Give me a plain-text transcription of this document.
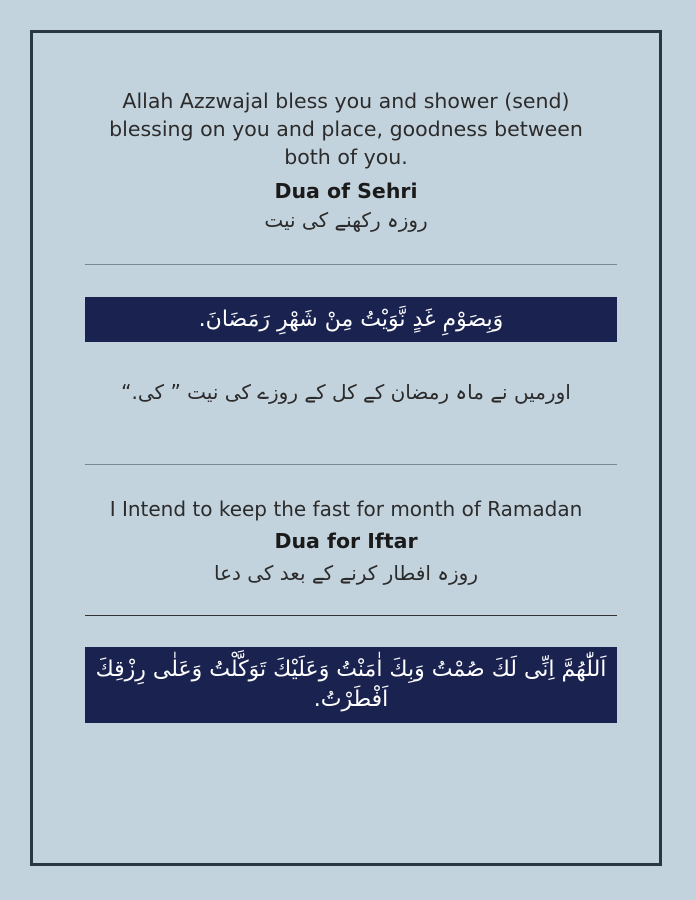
Allah Azzwajal bless you and shower (send) blessing on you and place, goodness between both of you.
Dua of Sehri
روزہ رکھنے کی نیت
وَبِصَوْمِ غَدٍ نَّوَيْتُ مِنْ شَهْرِ رَمَضَانَ.
اورمیں نے ماہ رمضان کے کل کے روزے کی نیت ” کی.“
I Intend to keep the fast for month of Ramadan
Dua for Iftar
روزہ افطار کرنے کے بعد کی دعا
اَللّٰهُمَّ اِنِّى لَكَ صُمْتُ وَبِكَ اٰمَنْتُ وَعَلَيْكَ تَوَكَّلْتُ وَعَلٰى رِزْقِكَ اَفْطَرْتُ.
